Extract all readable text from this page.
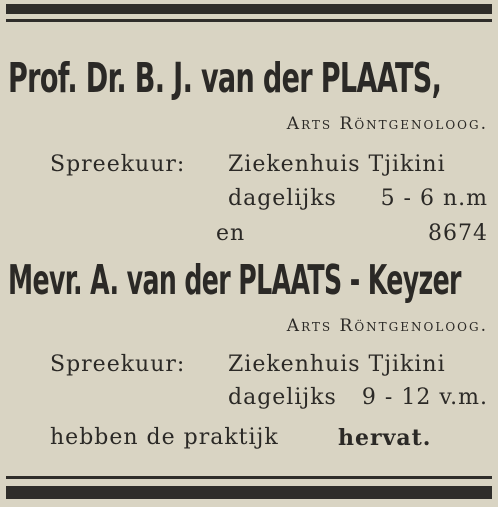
Prof. Dr. B. J. van der PLAATS,
Arts Röntgenoloog.
Spreekuur: Ziekenhuis Tjikini
dagelijks 5 - 6 n.m
en	8674
Mevr. A. van der PLAATS - Keyzer
Arts Röntgenoloog.
Spreekuur: Ziekenhuis Tjikini
dagelijks 9 - 12 v.m.
hebben de praktijk	hervat.
